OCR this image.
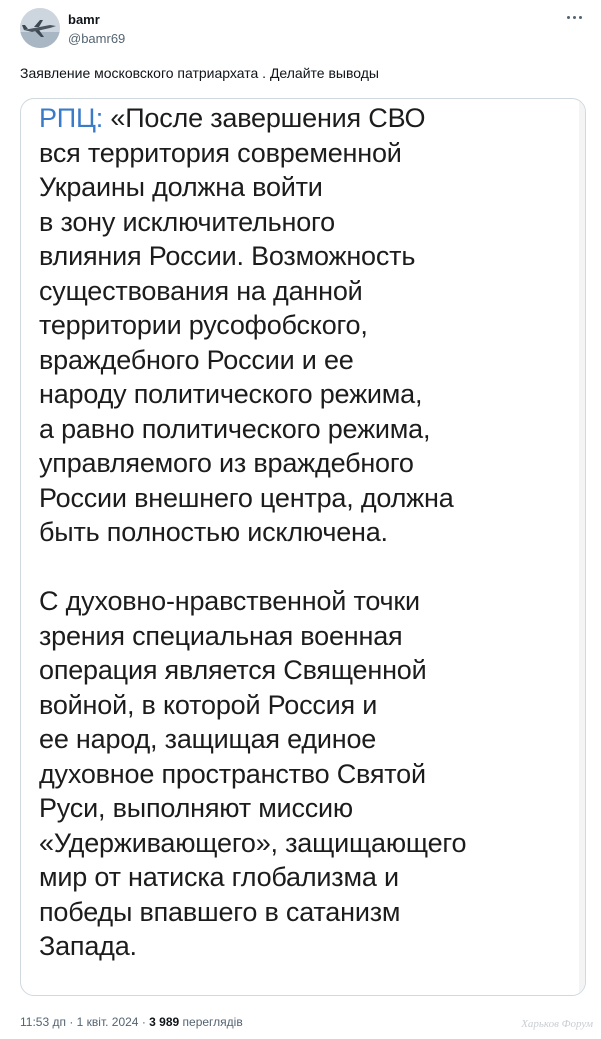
bamr
@bamr69
Заявление московского патриархата . Делайте выводы
РПЦ: «После завершения СВО
вся территория современной
Украины должна войти
в зону исключительного
влияния России. Возможность
существования на данной
территории русофобского,
враждебного России и ее
народу политического режима,
а равно политического режима,
управляемого из враждебного
России внешнего центра, должна
быть полностью исключена.
С духовно-нравственной точки
зрения специальная военная
операция является Священной
войной, в которой Россия и
ее народ, защищая единое
духовное пространство Святой
Руси, выполняют миссию
«Удерживающего», защищающего
мир от натиска глобализма и
победы впавшего в сатанизм
Запада.
11:53 дп · 1 квіт. 2024 · 3 989 переглядів	Харьков Форум
